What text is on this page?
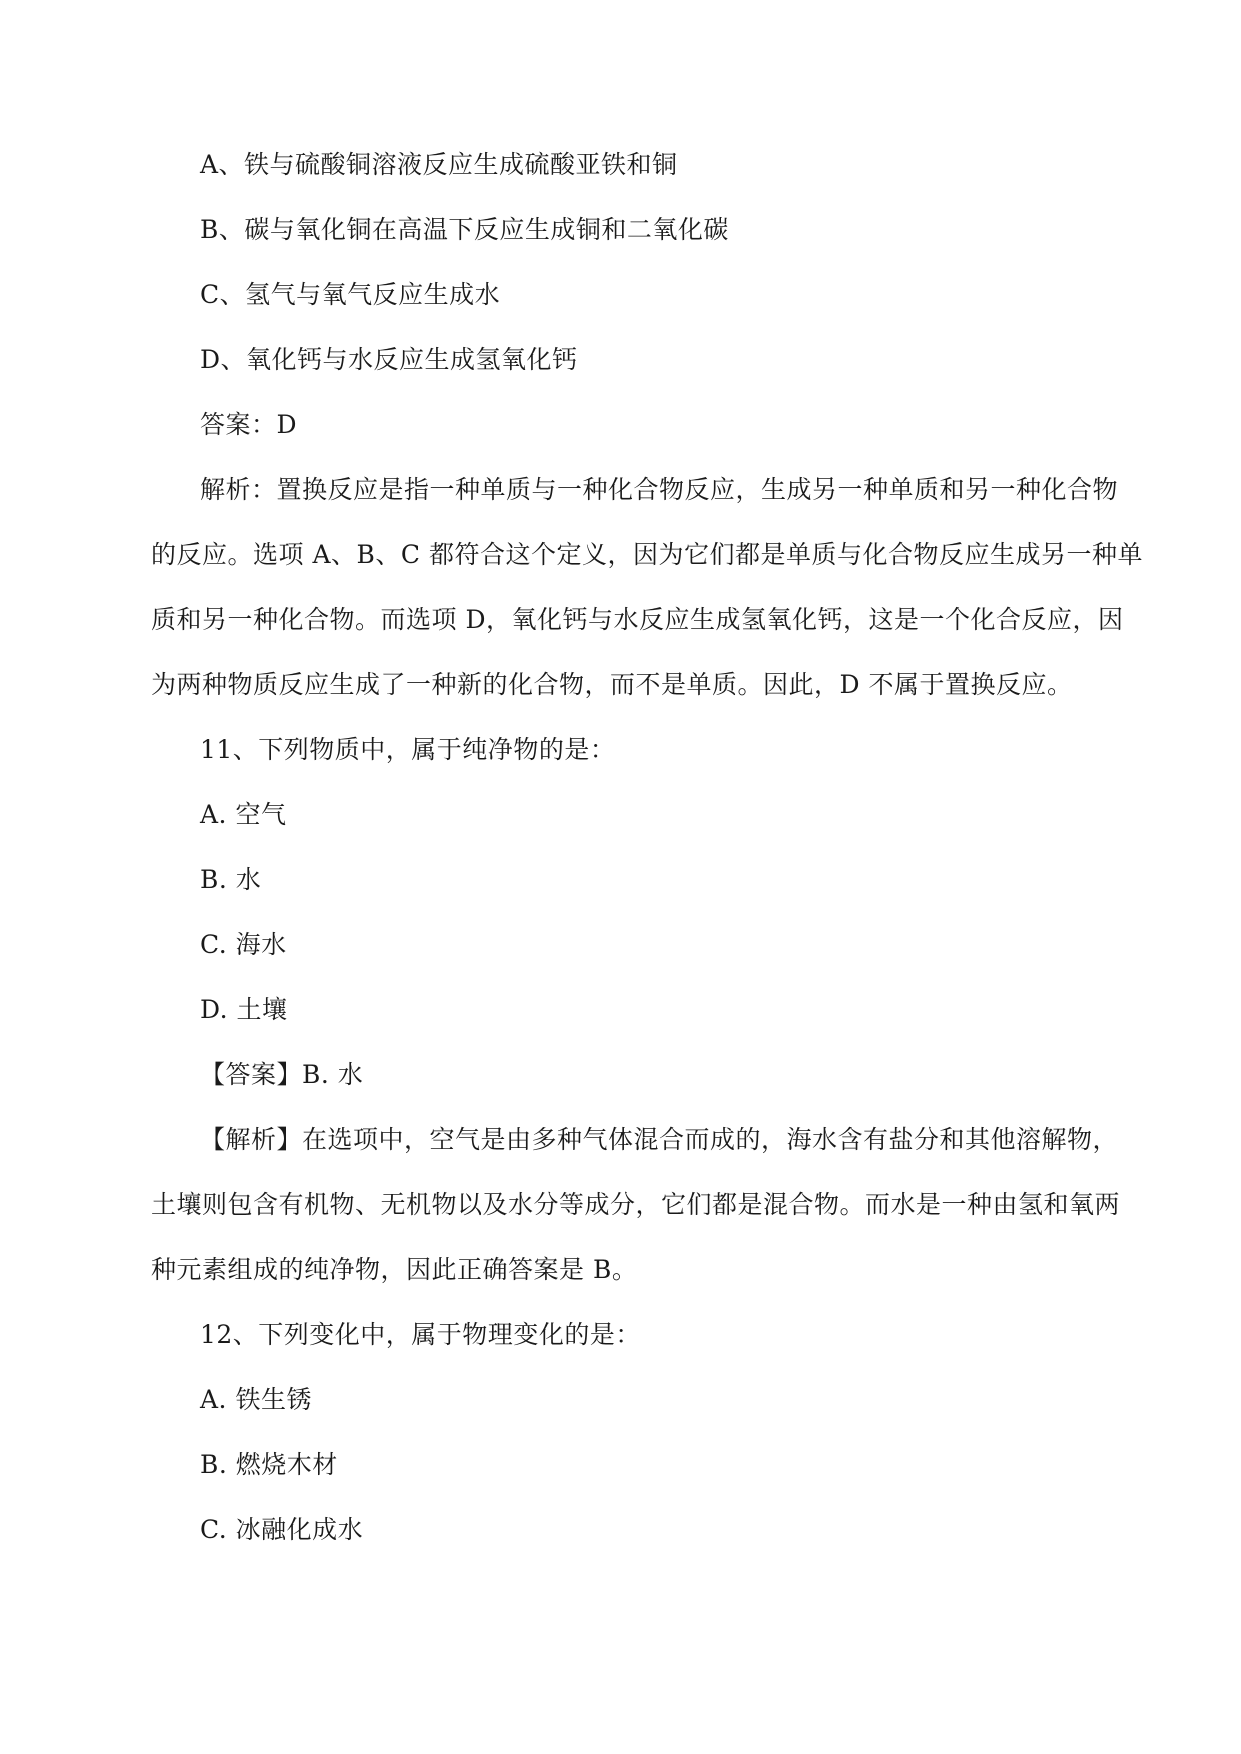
A、铁与硫酸铜溶液反应生成硫酸亚铁和铜
B、碳与氧化铜在高温下反应生成铜和二氧化碳
C、氢气与氧气反应生成水
D、氧化钙与水反应生成氢氧化钙
答案：D
解析：置换反应是指一种单质与一种化合物反应，生成另一种单质和另一种化合物
的反应。选项 A、B、C 都符合这个定义，因为它们都是单质与化合物反应生成另一种单
质和另一种化合物。而选项 D，氧化钙与水反应生成氢氧化钙，这是一个化合反应，因
为两种物质反应生成了一种新的化合物，而不是单质。因此，D 不属于置换反应。
11、下列物质中，属于纯净物的是：
A. 空气
B. 水
C. 海水
D. 土壤
【答案】B. 水
【解析】在选项中，空气是由多种气体混合而成的，海水含有盐分和其他溶解物，
土壤则包含有机物、无机物以及水分等成分，它们都是混合物。而水是一种由氢和氧两
种元素组成的纯净物，因此正确答案是 B。
12、下列变化中，属于物理变化的是：
A. 铁生锈
B. 燃烧木材
C. 冰融化成水
